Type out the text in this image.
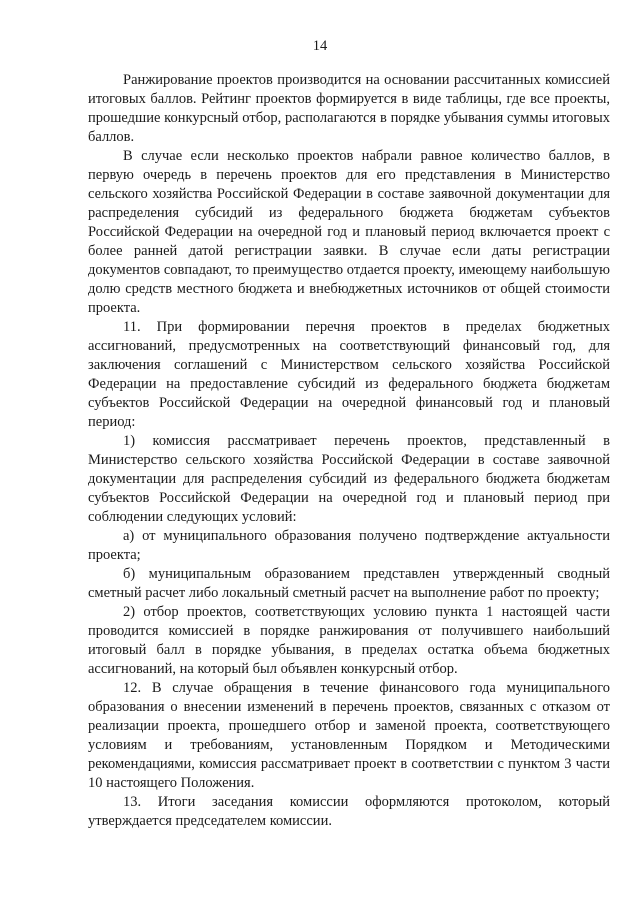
14

Ранжирование проектов производится на основании рассчитанных комиссией итоговых баллов. Рейтинг проектов формируется в виде таблицы, где все проекты, прошедшие конкурсный отбор, располагаются в порядке убывания суммы итоговых баллов.

В случае если несколько проектов набрали равное количество баллов, в первую очередь в перечень проектов для его представления в Министерство сельского хозяйства Российской Федерации в составе заявочной документации для распределения субсидий из федерального бюджета бюджетам субъектов Российской Федерации на очередной год и плановый период включается проект с более ранней датой регистрации заявки. В случае если даты регистрации документов совпадают, то преимущество отдается проекту, имеющему наибольшую долю средств местного бюджета и внебюджетных источников от общей стоимости проекта.

11. При формировании перечня проектов в пределах бюджетных ассигнований, предусмотренных на соответствующий финансовый год, для заключения соглашений с Министерством сельского хозяйства Российской Федерации на предоставление субсидий из федерального бюджета бюджетам субъектов Российской Федерации на очередной финансовый год и плановый период:

1) комиссия рассматривает перечень проектов, представленный в Министерство сельского хозяйства Российской Федерации в составе заявочной документации для распределения субсидий из федерального бюджета бюджетам субъектов Российской Федерации на очередной год и плановый период при соблюдении следующих условий:

а) от муниципального образования получено подтверждение актуальности проекта;

б) муниципальным образованием представлен утвержденный сводный сметный расчет либо локальный сметный расчет на выполнение работ по проекту;

2) отбор проектов, соответствующих условию пункта 1 настоящей части проводится комиссией в порядке ранжирования от получившего наибольший итоговый балл в порядке убывания, в пределах остатка объема бюджетных ассигнований, на который был объявлен конкурсный отбор.

12. В случае обращения в течение финансового года муниципального образования о внесении изменений в перечень проектов, связанных с отказом от реализации проекта, прошедшего отбор и заменой проекта, соответствующего условиям и требованиям, установленным Порядком и Методическими рекомендациями, комиссия рассматривает проект в соответствии с пунктом 3 части 10 настоящего Положения.

13. Итоги заседания комиссии оформляются протоколом, который утверждается председателем комиссии.
